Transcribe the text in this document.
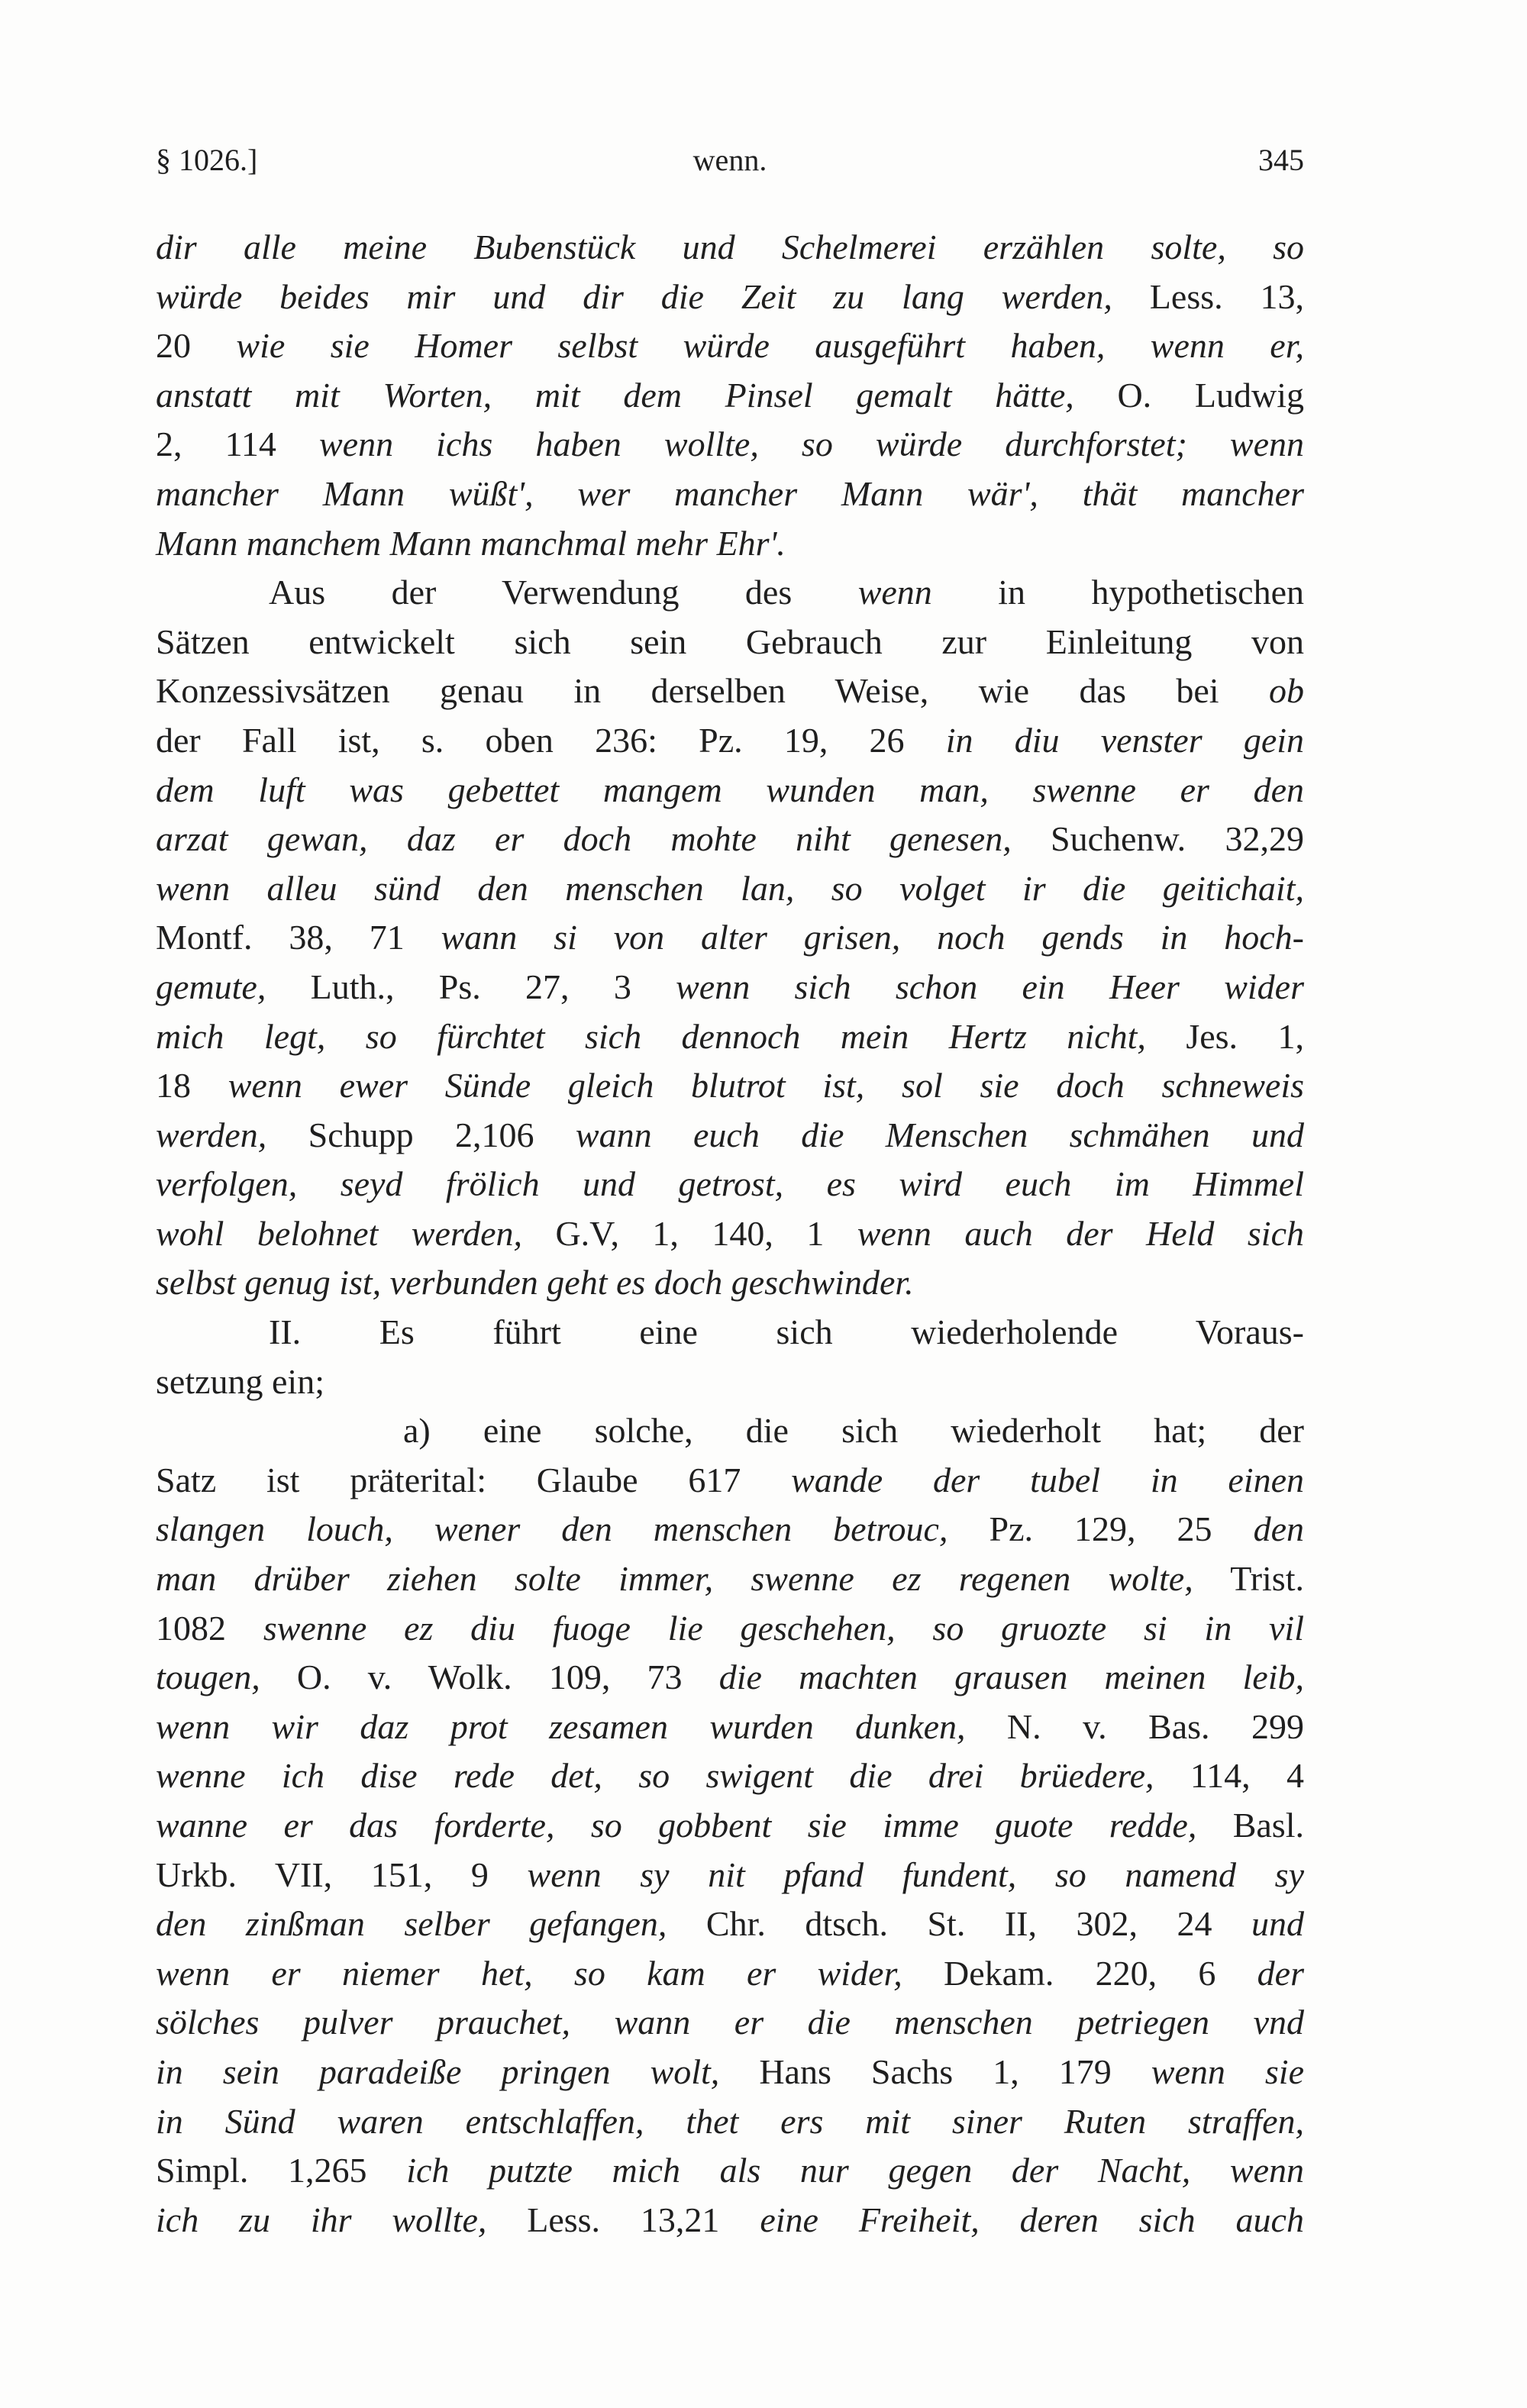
§ 1026.]	wenn.	345
dir alle meine Bubenstück und Schelmerei erzählen solte, so
würde beides mir und dir die Zeit zu lang werden, Less. 13,
20 wie sie Homer selbst würde ausgeführt haben, wenn er,
anstatt mit Worten, mit dem Pinsel gemalt hätte, O. Ludwig
2, 114 wenn ichs haben wollte, so würde durchforstet; wenn
mancher Mann wüßt', wer mancher Mann wär', thät mancher
Mann manchem Mann manchmal mehr Ehr'.
Aus der Verwendung des wenn in hypothetischen
Sätzen entwickelt sich sein Gebrauch zur Einleitung von
Konzessivsätzen genau in derselben Weise, wie das bei ob
der Fall ist, s. oben 236: Pz. 19, 26 in diu venster gein
dem luft was gebettet mangem wunden man, swenne er den
arzat gewan, daz er doch mohte niht genesen, Suchenw. 32,29
wenn alleu sünd den menschen lan, so volget ir die geitichait,
Montf. 38, 71 wann si von alter grisen, noch gends in hoch-
gemute, Luth., Ps. 27, 3 wenn sich schon ein Heer wider
mich legt, so fürchtet sich dennoch mein Hertz nicht, Jes. 1,
18 wenn ewer Sünde gleich blutrot ist, sol sie doch schneweis
werden, Schupp 2,106 wann euch die Menschen schmähen und
verfolgen, seyd frölich und getrost, es wird euch im Himmel
wohl belohnet werden, G.V, 1, 140, 1 wenn auch der Held sich
selbst genug ist, verbunden geht es doch geschwinder.
II. Es führt eine sich wiederholende Voraus-
setzung ein;
a) eine solche, die sich wiederholt hat; der
Satz ist präterital: Glaube 617 wande der tubel in einen
slangen louch, wener den menschen betrouc, Pz. 129, 25 den
man drüber ziehen solte immer, swenne ez regenen wolte, Trist.
1082 swenne ez diu fuoge lie geschehen, so gruozte si in vil
tougen, O. v. Wolk. 109, 73 die machten grausen meinen leib,
wenn wir daz prot zesamen wurden dunken, N. v. Bas. 299
wenne ich dise rede det, so swigent die drei brüedere, 114, 4
wanne er das forderte, so gobbent sie imme guote redde, Basl.
Urkb. VII, 151, 9 wenn sy nit pfand fundent, so namend sy
den zinßman selber gefangen, Chr. dtsch. St. II, 302, 24 und
wenn er niemer het, so kam er wider, Dekam. 220, 6 der
sölches pulver prauchet, wann er die menschen petriegen vnd
in sein paradeiße pringen wolt, Hans Sachs 1, 179 wenn sie
in Sünd waren entschlaffen, thet ers mit siner Ruten straffen,
Simpl. 1,265 ich putzte mich als nur gegen der Nacht, wenn
ich zu ihr wollte, Less. 13,21 eine Freiheit, deren sich auch
